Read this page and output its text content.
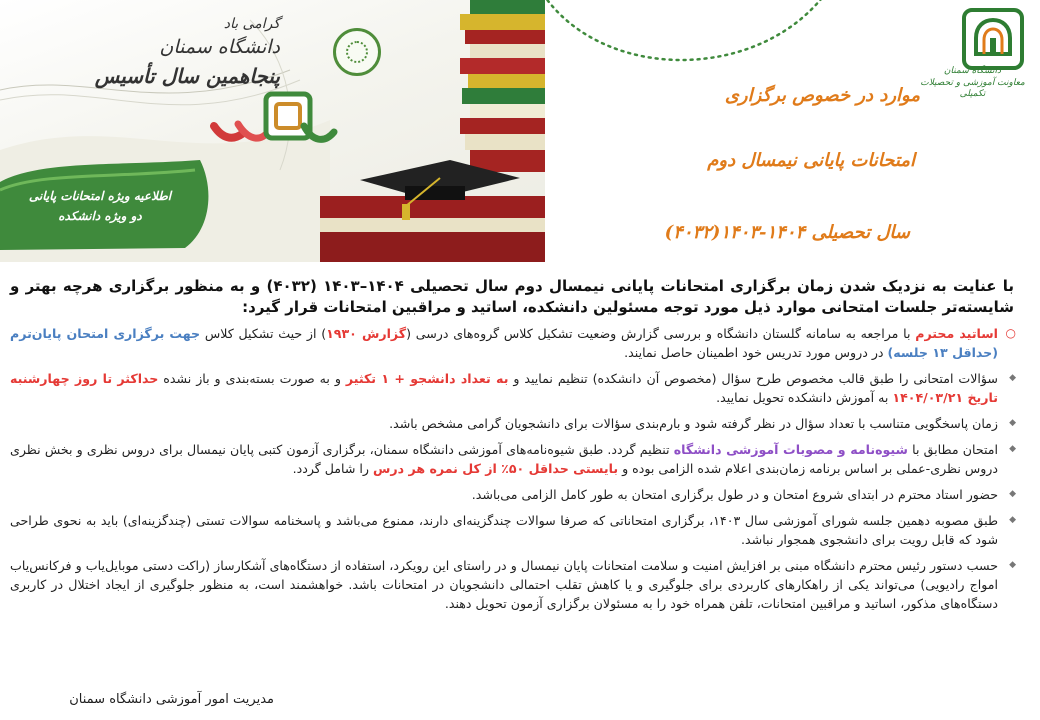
گرامی باد
دانشگاه سمنان
پنجاهمین سال تأسیس
اطلاعیه ویژه امتحانات پایانی
دو ویژه دانشکده
دانشگاه سمنان
معاونت آموزشی و تحصیلات تکمیلی
موارد در خصوص برگزاری
امتحانات پایانی نیمسال دوم
سال تحصیلی ۱۴۰۴-۱۴۰۳(۴۰۳۲)

با عنایت به نزدیک شدن زمان برگزاری امتحانات پایانی نیمسال دوم سال تحصیلی ۱۴۰۴–۱۴۰۳ (۴۰۳۲) و به منظور برگزاری هرچه بهتر و شایسته‌تر جلسات امتحانی موارد ذیل مورد توجه مسئولین دانشکده، اساتید و مراقبین امتحانات قرار گیرد:

○ اساتید محترم با مراجعه به سامانه گلستان دانشگاه و بررسی گزارش وضعیت تشکیل کلاس گروه‌های درسی (گزارش ۱۹۳۰) از حیث تشکیل کلاس جهت برگزاری امتحان پایان‌ترم (حداقل ۱۳ جلسه) در دروس مورد تدریس خود اطمینان حاصل نمایند.
◆ سؤالات امتحانی را طبق قالب مخصوص طرح سؤال (مخصوص آن دانشکده) تنظیم نمایید و به تعداد دانشجو + ۱ تکثیر و به صورت بسته‌بندی و باز نشده حداکثر تا روز چهارشنبه تاریخ ۱۴۰۴/۰۳/۲۱ به آموزش دانشکده تحویل نمایید.
◆ زمان پاسخگویی متناسب با تعداد سؤال در نظر گرفته شود و بارم‌بندی سؤالات برای دانشجویان گرامی مشخص باشد.
◆ امتحان مطابق با شیوه‌نامه و مصوبات آموزشی دانشگاه تنظیم گردد. طبق شیوه‌نامه‌های آموزشی دانشگاه سمنان، برگزاری آزمون کتبی پایان نیمسال برای دروس نظری و بخش نظری دروس نظری-عملی بر اساس برنامه زمان‌بندی اعلام شده الزامی بوده و بایستی حداقل ۵۰٪ از کل نمره هر درس را شامل گردد.
◆ حضور استاد محترم در ابتدای شروع امتحان و در طول برگزاری امتحان به طور کامل الزامی می‌باشد.
◆ طبق مصوبه دهمین جلسه شورای آموزشی سال ۱۴۰۳، برگزاری امتحاناتی که صرفا سوالات چندگزینه‌ای دارند، ممنوع می‌باشد و پاسخنامه سوالات تستی (چندگزینه‌ای) باید به نحوی طراحی شود که قابل رویت برای دانشجوی همجوار نباشد.
◆ حسب دستور رئیس محترم دانشگاه مبنی بر افزایش امنیت و سلامت امتحانات پایان نیمسال و در راستای این رویکرد، استفاده از دستگاه‌های آشکارساز (راکت دستی موبایل‌یاب و فرکانس‌یاب امواج رادیویی) می‌تواند یکی از راهکارهای کاربردی برای جلوگیری و یا کاهش تقلب احتمالی دانشجویان در امتحانات باشد. خواهشمند است، به منظور جلوگیری از ایجاد اختلال در کاربری دستگاه‌های مذکور، اساتید و مراقبین امتحانات، تلفن همراه خود را به مسئولان برگزاری آزمون تحویل دهند.
مدیریت امور آموزشی دانشگاه سمنان
